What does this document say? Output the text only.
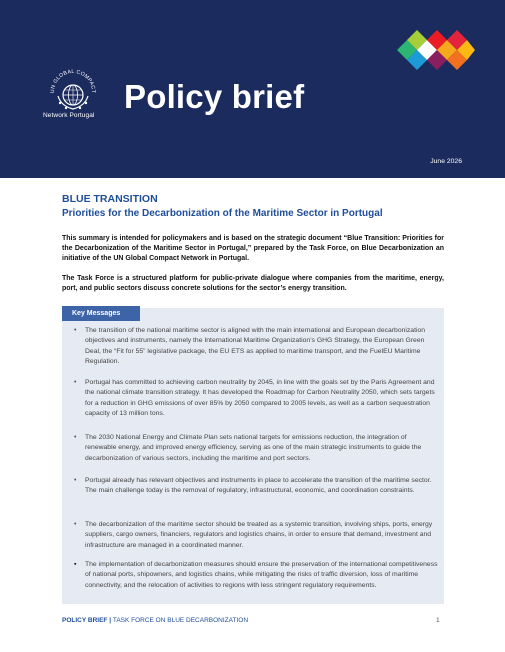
UN GLOBAL COMPACT
Network Portugal
Policy brief
June 2026
BLUE TRANSITION
Priorities for the Decarbonization of the Maritime Sector in Portugal
This summary is intended for policymakers and is based on the strategic document “Blue Transition: Priorities for the Decarbonization of the Maritime Sector in Portugal,” prepared by the Task Force, on Blue Decarbonization an initiative of the UN Global Compact Network in Portugal.
The Task Force is a structured platform for public-private dialogue where companies from the maritime, energy, port, and public sectors discuss concrete solutions for the sector’s energy transition.
Key Messages
• The transition of the national maritime sector is aligned with the main international and European decarbonization objectives and instruments, namely the International Maritime Organization’s GHG Strategy, the European Green Deal, the “Fit for 55” legislative package, the EU ETS as applied to maritime transport, and the FuelEU Maritime Regulation.
• Portugal has committed to achieving carbon neutrality by 2045, in line with the goals set by the Paris Agreement and the national climate transition strategy. It has developed the Roadmap for Carbon Neutrality 2050, which sets targets for a reduction in GHG emissions of over 85% by 2050 compared to 2005 levels, as well as a carbon sequestration capacity of 13 million tons.
• The 2030 National Energy and Climate Plan sets national targets for emissions reduction, the integration of renewable energy, and improved energy efficiency, serving as one of the main strategic instruments to guide the decarbonization of various sectors, including the maritime and port sectors.
• Portugal already has relevant objectives and instruments in place to accelerate the transition of the maritime sector. The main challenge today is the removal of regulatory, infrastructural, economic, and coordination constraints.
• The decarbonization of the maritime sector should be treated as a systemic transition, involving ships, ports, energy suppliers, cargo owners, financiers, regulators and logistics chains, in order to ensure that demand, investment and infrastructure are managed in a coordinated manner.
▪ The implementation of decarbonization measures should ensure the preservation of the international competitiveness of national ports, shipowners, and logistics chains, while mitigating the risks of traffic diversion, loss of maritime connectivity, and the relocation of activities to regions with less stringent regulatory requirements.
POLICY BRIEF | TASK FORCE ON BLUE DECARBONIZATION	1
